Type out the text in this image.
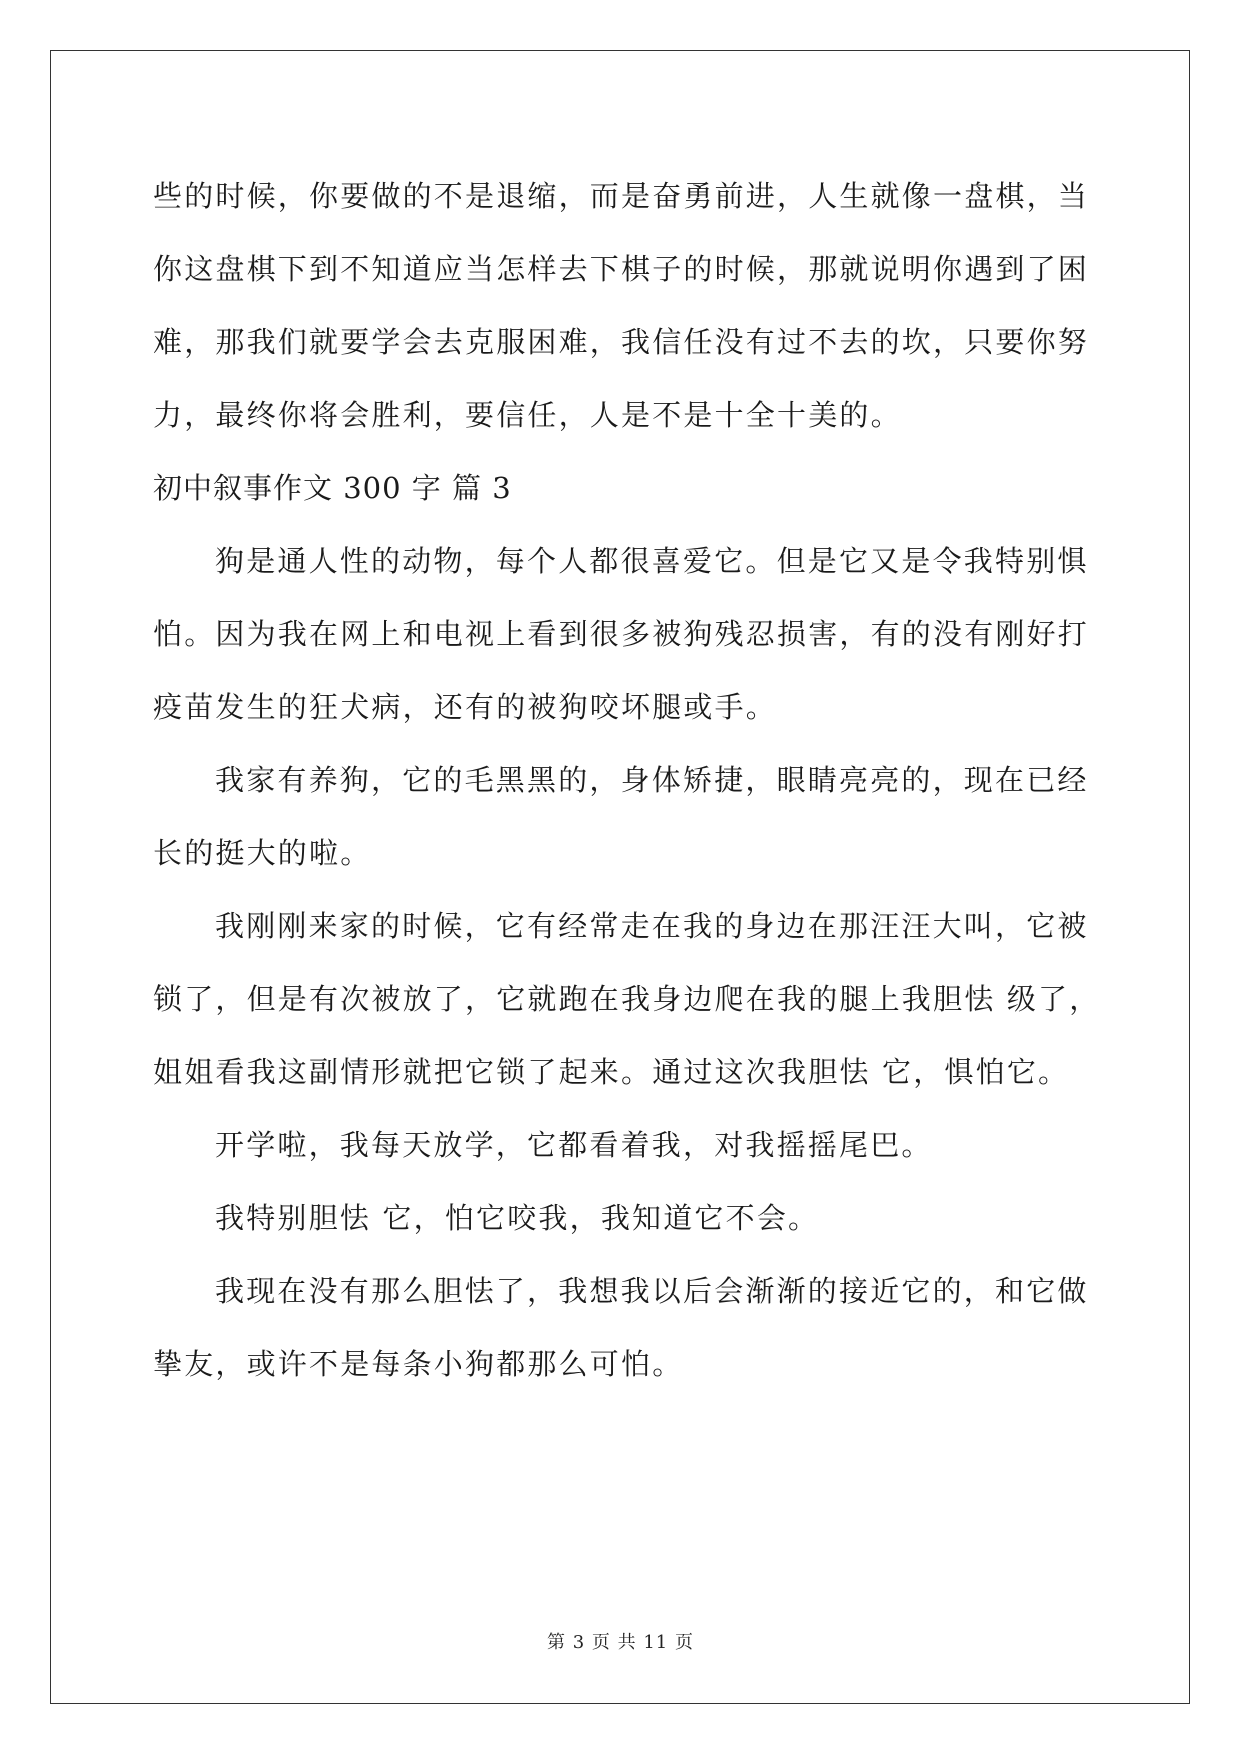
些的时候，你要做的不是退缩，而是奋勇前进，人生就像一盘棋，当
你这盘棋下到不知道应当怎样去下棋子的时候，那就说明你遇到了困
难，那我们就要学会去克服困难，我信任没有过不去的坎，只要你努
力，最终你将会胜利，要信任，人是不是十全十美的。
初中叙事作文 300 字 篇 3
狗是通人性的动物，每个人都很喜爱它。但是它又是令我特别惧
怕。因为我在网上和电视上看到很多被狗残忍损害，有的没有刚好打
疫苗发生的狂犬病，还有的被狗咬坏腿或手。
我家有养狗，它的毛黑黑的，身体矫捷，眼睛亮亮的，现在已经
长的挺大的啦。
我刚刚来家的时候，它有经常走在我的身边在那汪汪大叫，它被
锁了，但是有次被放了，它就跑在我身边爬在我的腿上我胆怯 级了，
姐姐看我这副情形就把它锁了起来。通过这次我胆怯 它，惧怕它。
开学啦，我每天放学，它都看着我，对我摇摇尾巴。
我特别胆怯 它，怕它咬我，我知道它不会。
我现在没有那么胆怯了，我想我以后会渐渐的接近它的，和它做
挚友，或许不是每条小狗都那么可怕。
第 3 页 共 11 页
